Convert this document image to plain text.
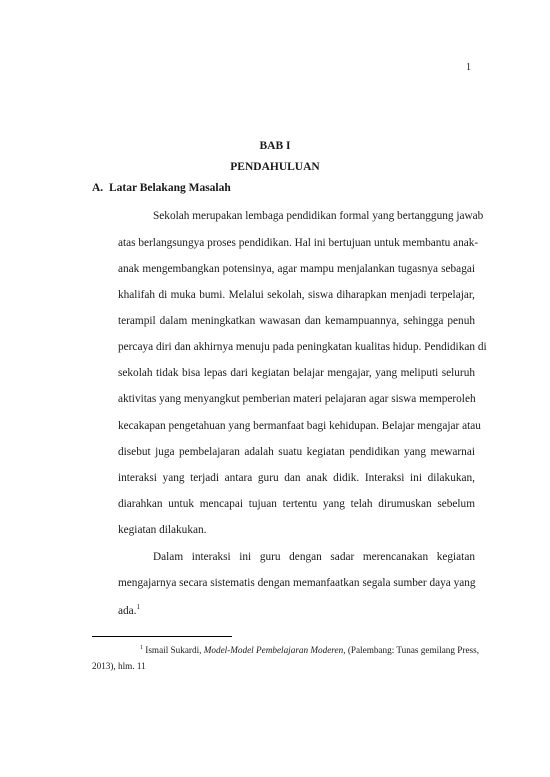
1
BAB I
PENDAHULUAN
A. Latar Belakang Masalah
Sekolah merupakan lembaga pendidikan formal yang bertanggung jawab
atas berlangsungya proses pendidikan. Hal ini bertujuan untuk membantu anak-
anak mengembangkan potensinya, agar mampu menjalankan tugasnya sebagai
khalifah di muka bumi. Melalui sekolah, siswa diharapkan menjadi terpelajar,
terampil dalam meningkatkan wawasan dan kemampuannya, sehingga penuh
percaya diri dan akhirnya menuju pada peningkatan kualitas hidup. Pendidikan di
sekolah tidak bisa lepas dari kegiatan belajar mengajar, yang meliputi seluruh
aktivitas yang menyangkut pemberian materi pelajaran agar siswa memperoleh
kecakapan pengetahuan yang bermanfaat bagi kehidupan. Belajar mengajar atau
disebut juga pembelajaran adalah suatu kegiatan pendidikan yang mewarnai
interaksi yang terjadi antara guru dan anak didik. Interaksi ini dilakukan,
diarahkan untuk mencapai tujuan tertentu yang telah dirumuskan sebelum
kegiatan dilakukan.
Dalam interaksi ini guru dengan sadar merencanakan kegiatan
mengajarnya secara sistematis dengan memanfaatkan segala sumber daya yang
ada.$^1$
$^1$ Ismail Sukardi, Model-Model Pembelajaran Moderen, (Palembang: Tunas gemilang Press,
2013), hlm. 11
